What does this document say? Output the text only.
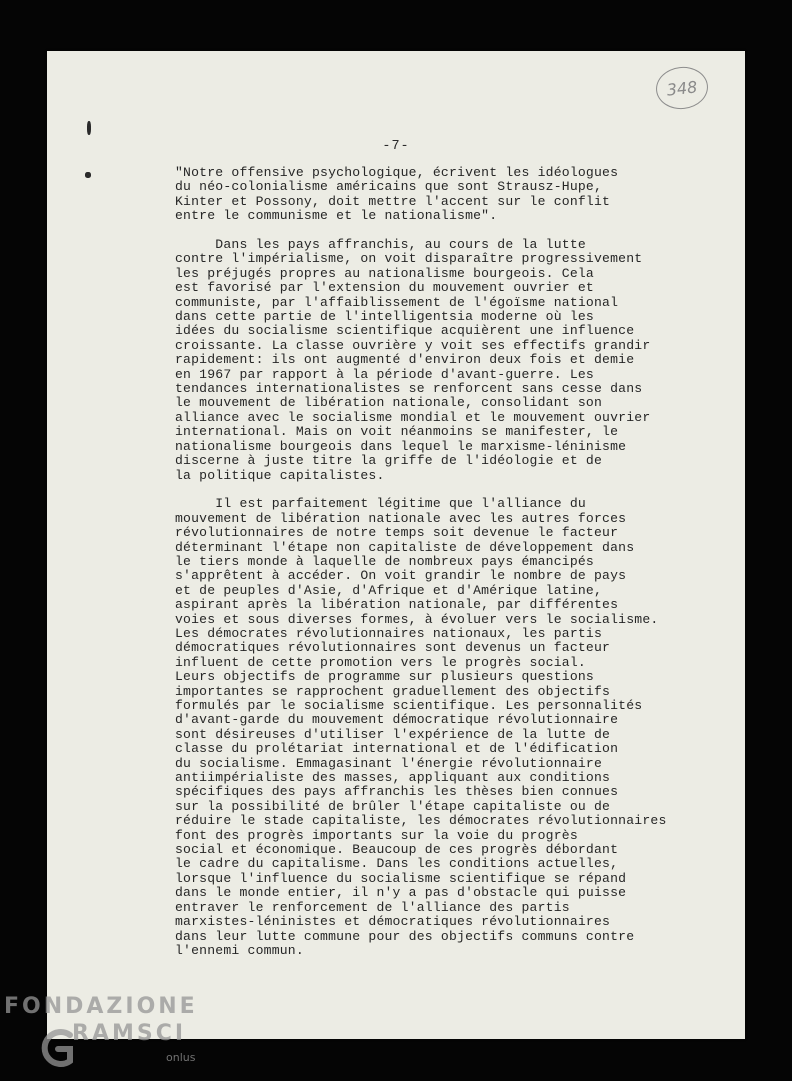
348
-7-
"Notre offensive psychologique, écrivent les idéologues
du néo-colonialisme américains que sont Strausz-Hupe,
Kinter et Possony, doit mettre l'accent sur le conflit
entre le communisme et le nationalisme".
Dans les pays affranchis, au cours de la lutte
contre l'impérialisme, on voit disparaître progressivement
les préjugés propres au nationalisme bourgeois. Cela
est favorisé par l'extension du mouvement ouvrier et
communiste, par l'affaiblissement de l'égoïsme national
dans cette partie de l'intelligentsia moderne où les
idées du socialisme scientifique acquièrent une influence
croissante. La classe ouvrière y voit ses effectifs grandir
rapidement: ils ont augmenté d'environ deux fois et demie
en 1967 par rapport à la période d'avant-guerre. Les
tendances internationalistes se renforcent sans cesse dans
le mouvement de libération nationale, consolidant son
alliance avec le socialisme mondial et le mouvement ouvrier
international. Mais on voit néanmoins se manifester, le
nationalisme bourgeois dans lequel le marxisme-léninisme
discerne à juste titre la griffe de l'idéologie et de
la politique capitalistes.
Il est parfaitement légitime que l'alliance du
mouvement de libération nationale avec les autres forces
révolutionnaires de notre temps soit devenue le facteur
déterminant l'étape non capitaliste de développement dans
le tiers monde à laquelle de nombreux pays émancipés
s'apprêtent à accéder. On voit grandir le nombre de pays
et de peuples d'Asie, d'Afrique et d'Amérique latine,
aspirant après la libération nationale, par différentes
voies et sous diverses formes, à évoluer vers le socialisme.
Les démocrates révolutionnaires nationaux, les partis
démocratiques révolutionnaires sont devenus un facteur
influent de cette promotion vers le progrès social.
Leurs objectifs de programme sur plusieurs questions
importantes se rapprochent graduellement des objectifs
formulés par le socialisme scientifique. Les personnalités
d'avant-garde du mouvement démocratique révolutionnaire
sont désireuses d'utiliser l'expérience de la lutte de
classe du prolétariat international et de l'édification
du socialisme. Emmagasinant l'énergie révolutionnaire
antiimpérialiste des masses, appliquant aux conditions
spécifiques des pays affranchis les thèses bien connues
sur la possibilité de brûler l'étape capitaliste ou de
réduire le stade capitaliste, les démocrates révolutionnaires
font des progrès importants sur la voie du progrès
social et économique. Beaucoup de ces progrès débordant
le cadre du capitalisme. Dans les conditions actuelles,
lorsque l'influence du socialisme scientifique se répand
dans le monde entier, il n'y a pas d'obstacle qui puisse
entraver le renforcement de l'alliance des partis
marxistes-léninistes et démocratiques révolutionnaires
dans leur lutte commune pour des objectifs communs contre
l'ennemi commun.
FONDAZIONE
RAMSCI
onlus
